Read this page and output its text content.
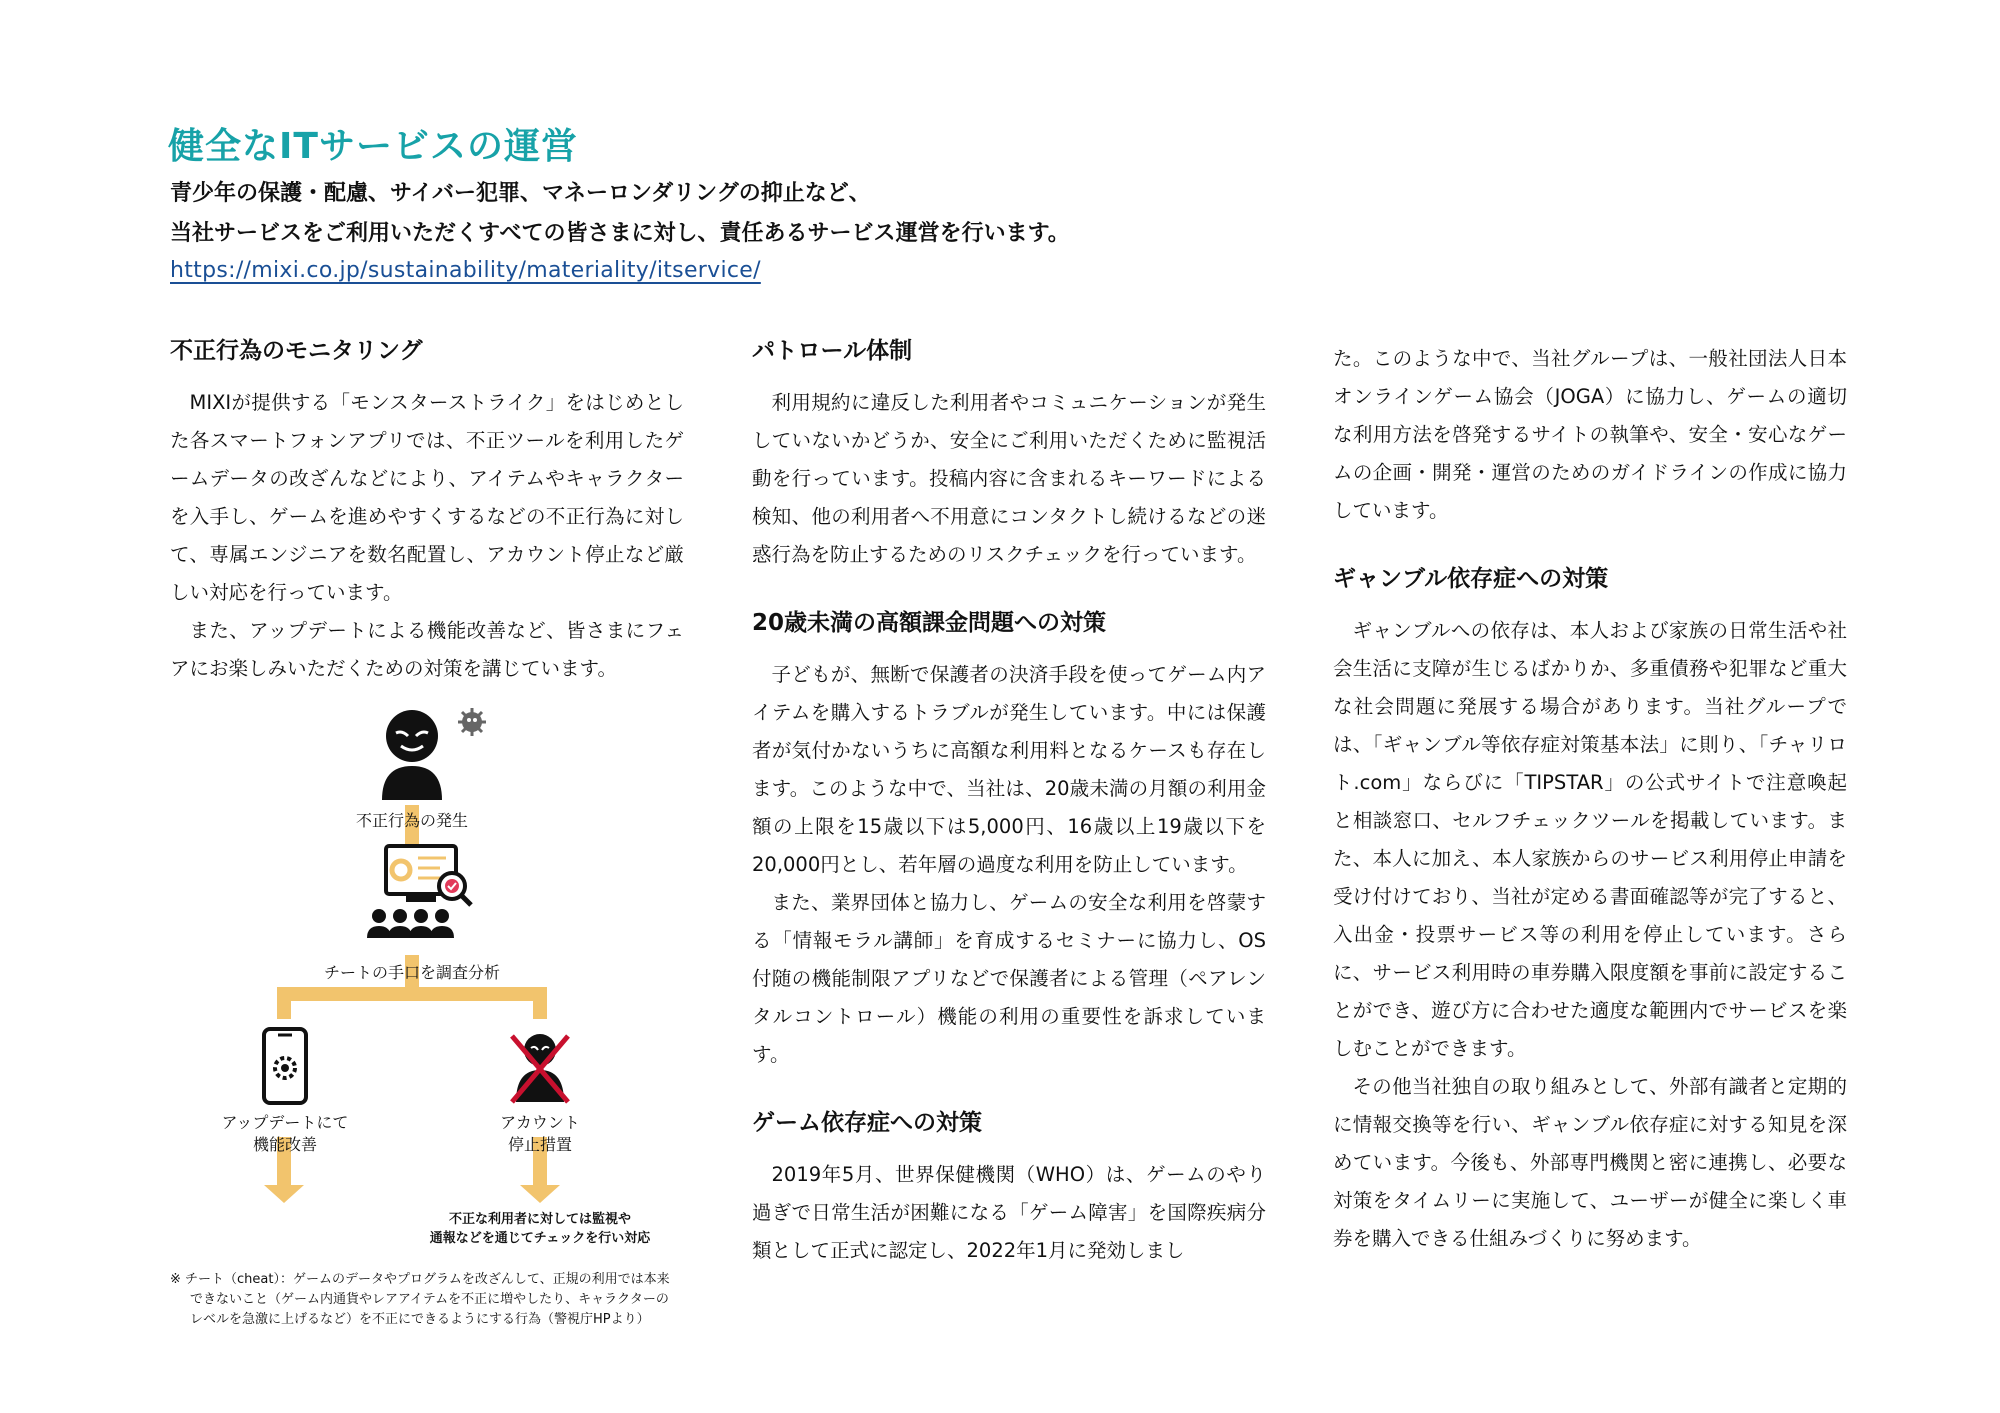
健全なITサービスの運営
青少年の保護・配慮、サイバー犯罪、マネーロンダリングの抑止など、
当社サービスをご利用いただくすべての皆さまに対し、責任あるサービス運営を行います。
https://mixi.co.jp/sustainability/materiality/itservice/
不正行為のモニタリング

MIXIが提供する「モンスターストライク」をはじめとした各スマートフォンアプリでは、不正ツールを利用したゲームデータの改ざんなどにより、アイテムやキャラクターを入手し、ゲームを進めやすくするなどの不正行為に対して、専属エンジニアを数名配置し、アカウント停止など厳しい対応を行っています。

また、アップデートによる機能改善など、皆さまにフェアにお楽しみいただくための対策を講じています。

不正行為の発生
チートの手口を調査分析
アップデートにて
機能改善
アカウント
停止措置
不正な利用者に対しては監視や
通報などを通じてチェックを行い対応
※ チート（cheat）：ゲームのデータやプログラムを改ざんして、正規の利用では本来
できないこと（ゲーム内通貨やレアアイテムを不正に増やしたり、キャラクターの
レベルを急激に上げるなど）を不正にできるようにする行為（警視庁HPより）
パトロール体制

利用規約に違反した利用者やコミュニケーションが発生していないかどうか、安全にご利用いただくために監視活動を行っています。投稿内容に含まれるキーワードによる検知、他の利用者へ不用意にコンタクトし続けるなどの迷惑行為を防止するためのリスクチェックを行っています。

20歳未満の高額課金問題への対策

子どもが、無断で保護者の決済手段を使ってゲーム内アイテムを購入するトラブルが発生しています。中には保護者が気付かないうちに高額な利用料となるケースも存在します。このような中で、当社は、20歳未満の月額の利用金額の上限を15歳以下は5,000円、16歳以上19歳以下を20,000円とし、若年層の過度な利用を防止しています。

また、業界団体と協力し、ゲームの安全な利用を啓蒙する「情報モラル講師」を育成するセミナーに協力し、OS付随の機能制限アプリなどで保護者による管理（ペアレンタルコントロール）機能の利用の重要性を訴求しています。

ゲーム依存症への対策

2019年5月、世界保健機関（WHO）は、ゲームのやり過ぎで日常生活が困難になる「ゲーム障害」を国際疾病分類として正式に認定し、2022年1月に発効しまし

た。このような中で、当社グループは、一般社団法人日本オンラインゲーム協会（JOGA）に協力し、ゲームの適切な利用方法を啓発するサイトの執筆や、安全・安心なゲームの企画・開発・運営のためのガイドラインの作成に協力しています。

ギャンブル依存症への対策

ギャンブルへの依存は、本人および家族の日常生活や社会生活に支障が生じるばかりか、多重債務や犯罪など重大な社会問題に発展する場合があります。当社グループでは、「ギャンブル等依存症対策基本法」に則り、「チャリロト.com」ならびに「TIPSTAR」の公式サイトで注意喚起と相談窓口、セルフチェックツールを掲載しています。また、本人に加え、本人家族からのサービス利用停止申請を受け付けており、当社が定める書面確認等が完了すると、入出金・投票サービス等の利用を停止しています。さらに、サービス利用時の車券購入限度額を事前に設定することができ、遊び方に合わせた適度な範囲内でサービスを楽しむことができます。

その他当社独自の取り組みとして、外部有識者と定期的に情報交換等を行い、ギャンブル依存症に対する知見を深めています。今後も、外部専門機関と密に連携し、必要な対策をタイムリーに実施して、ユーザーが健全に楽しく車券を購入できる仕組みづくりに努めます。
